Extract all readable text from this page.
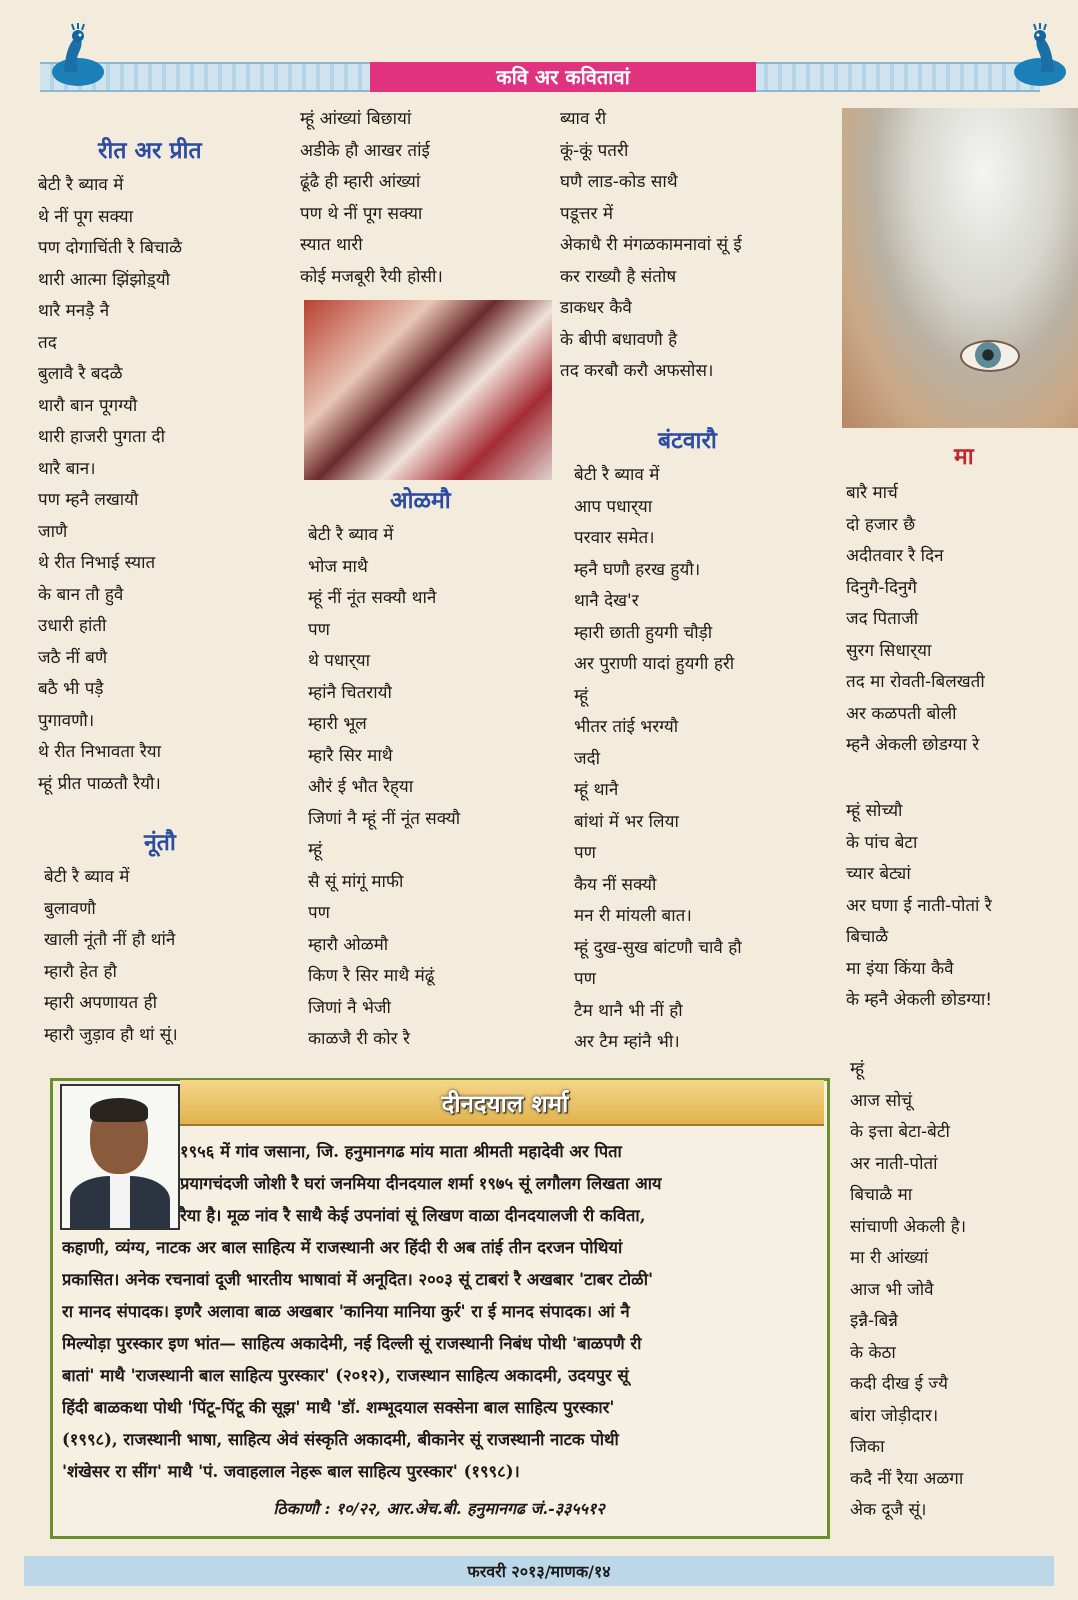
कवि अर कवितावां
रीत अर प्रीत
बेटी रै ब्याव में
थे नीं पूग सक्या
पण दोगाचिंती रै बिचाळै
थारी आत्मा झिंझोड़्यौ
थारै मनड़ै नै
तद
बुलावै रै बदळै
थारौ बान पूगग्यौ
थारी हाजरी पुगता दी
थारै बान।
पण म्हनै लखायौ
जाणै
थे रीत निभाई स्यात
के बान तौ हुवै
उधारी हांती
जठै नीं बणै
बठै भी पड़ै
पुगावणौ।
थे रीत निभावता रैया
म्हूं प्रीत पाळतौ रैयौ।
नूंतौ
बेटी रै ब्याव में
बुलावणौ
खाली नूंतौ नीं हौ थांनै
म्हारौ हेत हौ
म्हारी अपणायत ही
म्हारौ जुड़ाव हौ थां सूं।
म्हूं आंख्यां बिछायां
अडीके हौ आखर तांई
ढूंढै ही म्हारी आंख्यां
पण थे नीं पूग सक्या
स्यात थारी
कोई मजबूरी रैयी होसी।
ओळमौ
बेटी रै ब्याव में
भोज माथै
म्हूं नीं नूंत सक्यौ थानै
पण
थे पधार्‌या
म्हांनै चितरायौ
म्हारी भूल
म्हारै सिर माथै
औरं ई भौत रैह्‌या
जिणां नै म्हूं नीं नूंत सक्यौ
म्हूं
सै सूं मांगूं माफी
पण
म्हारौ ओळमौ
किण रै सिर माथै मंढूं
जिणां नै भेजी
काळजै री कोर रै
ब्याव री
कूं-कूं पतरी
घणै लाड-कोड साथै
पडूत्तर में
अेकाधै री मंगळकामनावां सूं ई
कर राख्यौ है संतोष
डाकधर कैवै
के बीपी बधावणौ है
तद करबौ करौ अफसोस।
बंटवारौ
बेटी रै ब्याव में
आप पधार्‌या
परवार समेत।
म्हनै घणौ हरख हुयौ।
थानै देख'र
म्हारी छाती हुयगी चौड़ी
अर पुराणी यादां हुयगी हरी
म्हूं
भीतर तांई भरग्यौ
जदी
म्हूं थानै
बांथां में भर लिया
पण
कैय नीं सक्यौ
मन री मांयली बात।
म्हूं दुख-सुख बांटणौ चावै हौ
पण
टैम थानै भी नीं हौ
अर टैम म्हांनै भी।
मा
बारै मार्च
दो हजार छै
अदीतवार रै दिन
दिनुगै-दिनुगै
जद पिताजी
सुरग सिधार्‌या
तद मा रोवती-बिलखती
अर कळपती बोली
म्हनै अेकली छोडग्या रे
म्हूं सोच्यौ
के पांच बेटा
च्यार बेट्यां
अर घणा ई नाती-पोतां रै
बिचाळै
मा इंया किंया कैवै
के म्हनै अेकली छोडग्या!
म्हूं
आज सोचूं
के इत्ता बेटा-बेटी
अर नाती-पोतां
बिचाळै मा
सांचाणी अेकली है।
मा री आंख्यां
आज भी जोवै
इन्नै-बिन्नै
के केठा
कदी दीख ई ज्यै
बांरा जोड़ीदार।
जिका
कदै नीं रैया अळगा
अेक दूजै सूं।
दीनदयाल शर्मा
१९५६ में गांव जसाना, जि. हनुमानगढ मांय माता श्रीमती महादेवी अर पिता
प्रयागचंदजी जोशी रै घरां जनमिया दीनदयाल शर्मा १९७५ सूं लगौलग लिखता आय
रैया है। मूळ नांव रै साथै केई उपनांवां सूं लिखण वाळा दीनदयालजी री कविता,
कहाणी, व्यंग्य, नाटक अर बाल साहित्य में राजस्थानी अर हिंदी री अब तांई तीन दरजन पोथियां
प्रकासित। अनेक रचनावां दूजी भारतीय भाषावां में अनूदित। २००३ सूं टाबरां रै अखबार 'टाबर टोळी'
रा मानद संपादक। इणरै अलावा बाळ अखबार 'कानिया मानिया कुर्र' रा ई मानद संपादक। आं नै
मिल्योड़ा पुरस्कार इण भांत— साहित्य अकादेमी, नई दिल्ली सूं राजस्थानी निबंध पोथी 'बाळपणै री
बातां' माथै 'राजस्थानी बाल साहित्य पुरस्कार' (२०१२), राजस्थान साहित्य अकादमी, उदयपुर सूं
हिंदी बाळकथा पोथी 'पिंटू-पिंटू की सूझ' माथै 'डॉ. शम्भूदयाल सक्सेना बाल साहित्य पुरस्कार'
(१९९८), राजस्थानी भाषा, साहित्य अेवं संस्कृति अकादमी, बीकानेर सूं राजस्थानी नाटक पोथी
'शंखेसर रा सींग' माथै 'पं. जवाहलाल नेहरू बाल साहित्य पुरस्कार' (१९९८)।
ठिकाणौ : १०/२२, आर.अेच.बी. हनुमानगढ जं.-३३५५१२
फरवरी २०१३/माणक/१४
